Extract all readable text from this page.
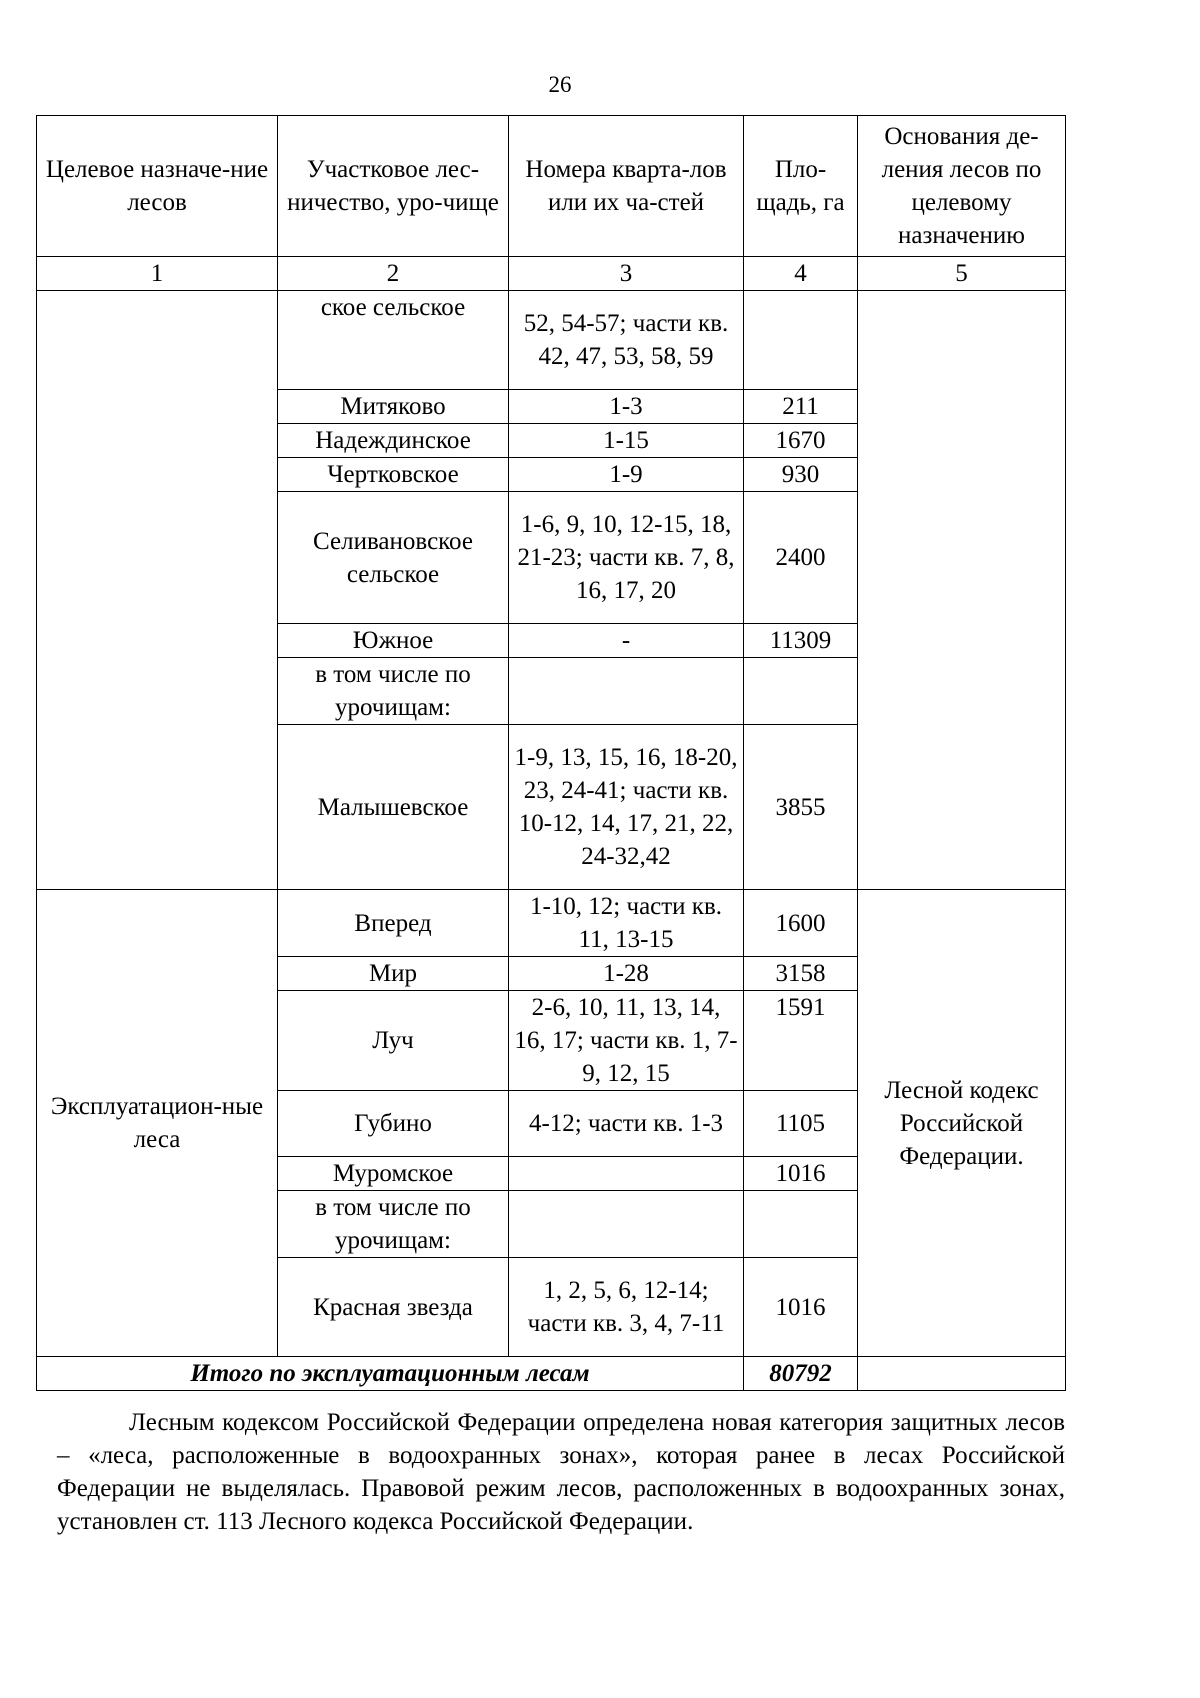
26
Целевое назначе-ние лесов	Участковое лес-ничество, уро-чище	Номера кварта-лов или их ча-стей	Пло-щадь, га	Основания де-ления лесов по целевому назначению
1	2	3	4	5
	ское сельское	52, 54-57; части кв. 42, 47, 53, 58, 59		
	Митяково	1-3	211	
	Надеждинское	1-15	1670	
	Чертковское	1-9	930	
	Селивановское сельское	1-6, 9, 10, 12-15, 18, 21-23; части кв. 7, 8, 16, 17, 20	2400	
	Южное	-	11309	
	в том числе по урочищам:			
	Малышевское	1-9, 13, 15, 16, 18-20, 23, 24-41; части кв. 10-12, 14, 17, 21, 22, 24-32,42	3855	
Эксплуатацион-ные леса	Вперед	1-10, 12; части кв. 11, 13-15	1600	Лесной кодекс Российской Федерации.
	Мир	1-28	3158	
	Луч	2-6, 10, 11, 13, 14, 16, 17; части кв. 1, 7-9, 12, 15	1591	
	Губино	4-12; части кв. 1-3	1105	
	Муромское		1016	
	в том числе по урочищам:			
	Красная звезда	1, 2, 5, 6, 12-14; части кв. 3, 4, 7-11	1016	
Итого по эксплуатационным лесам			80792	

Лесным кодексом Российской Федерации определена новая категория защитных лесов – «леса, расположенные в водоохранных зонах», которая ранее в лесах Российской Федерации не выделялась. Правовой режим лесов, расположенных в водоохранных зонах, установлен ст. 113 Лесного кодекса Российской Федерации.
